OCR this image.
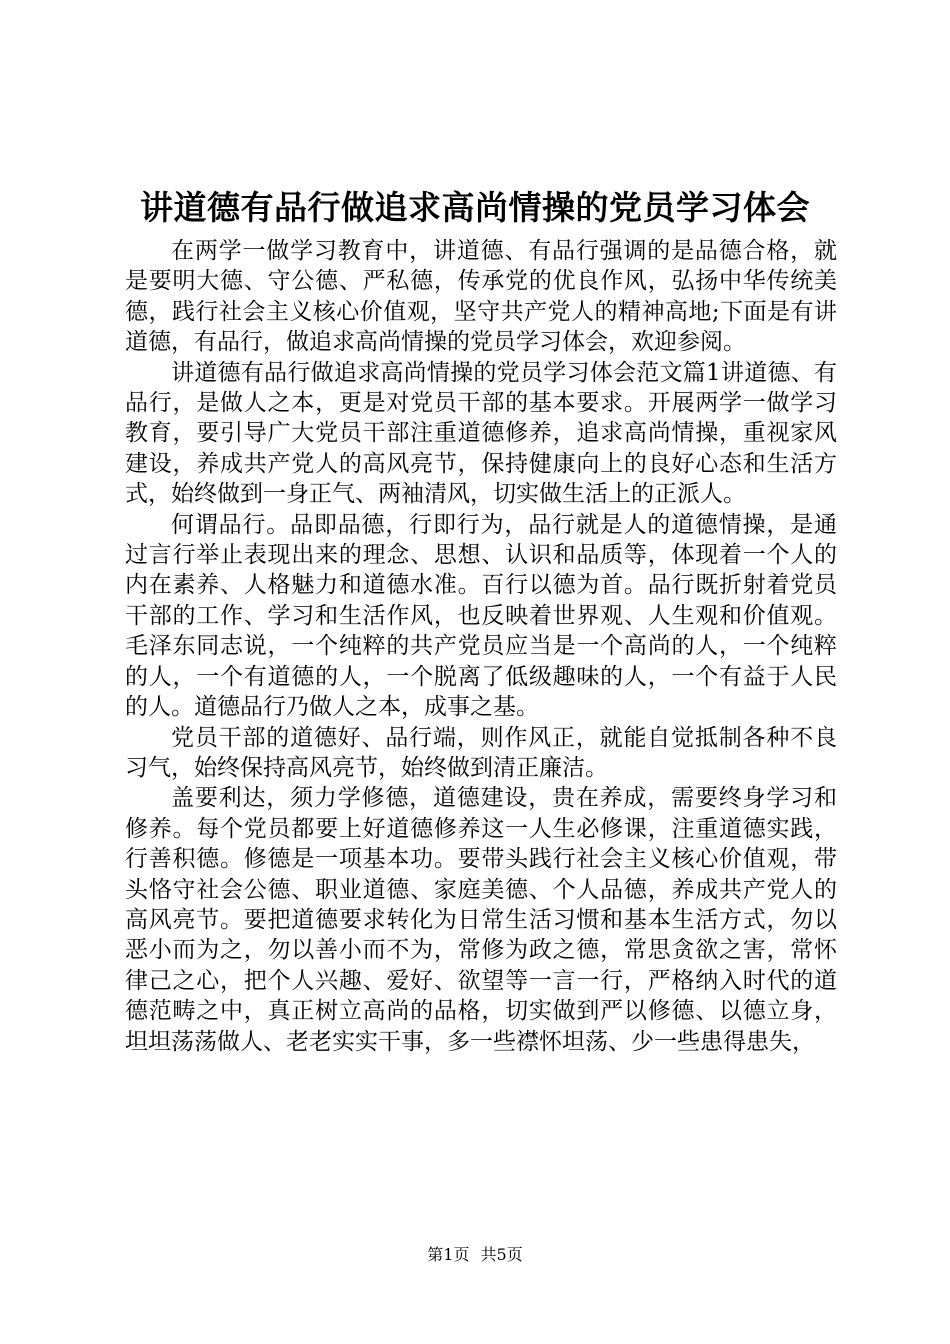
讲道德有品行做追求高尚情操的党员学习体会

在两学一做学习教育中，讲道德、有品行强调的是品德合格，就是要明大德、守公德、严私德，传承党的优良作风，弘扬中华传统美德，践行社会主义核心价值观，坚守共产党人的精神高地;下面是有讲道德，有品行，做追求高尚情操的党员学习体会，欢迎参阅。

讲道德有品行做追求高尚情操的党员学习体会范文篇1讲道德、有品行，是做人之本，更是对党员干部的基本要求。开展两学一做学习教育，要引导广大党员干部注重道德修养，追求高尚情操，重视家风建设，养成共产党人的高风亮节，保持健康向上的良好心态和生活方式，始终做到一身正气、两袖清风，切实做生活上的正派人。

何谓品行。品即品德，行即行为，品行就是人的道德情操，是通过言行举止表现出来的理念、思想、认识和品质等，体现着一个人的内在素养、人格魅力和道德水准。百行以德为首。品行既折射着党员干部的工作、学习和生活作风，也反映着世界观、人生观和价值观。毛泽东同志说，一个纯粹的共产党员应当是一个高尚的人，一个纯粹的人，一个有道德的人，一个脱离了低级趣味的人，一个有益于人民的人。道德品行乃做人之本，成事之基。

党员干部的道德好、品行端，则作风正，就能自觉抵制各种不良习气，始终保持高风亮节，始终做到清正廉洁。

盖要利达，须力学修德，道德建设，贵在养成，需要终身学习和修养。每个党员都要上好道德修养这一人生必修课，注重道德实践，行善积德。修德是一项基本功。要带头践行社会主义核心价值观，带头恪守社会公德、职业道德、家庭美德、个人品德，养成共产党人的高风亮节。要把道德要求转化为日常生活习惯和基本生活方式，勿以恶小而为之，勿以善小而不为，常修为政之德，常思贪欲之害，常怀律己之心，把个人兴趣、爱好、欲望等一言一行，严格纳入时代的道德范畴之中，真正树立高尚的品格，切实做到严以修德、以德立身，坦坦荡荡做人、老老实实干事，多一些襟怀坦荡、少一些患得患失，

第1页 共5页
